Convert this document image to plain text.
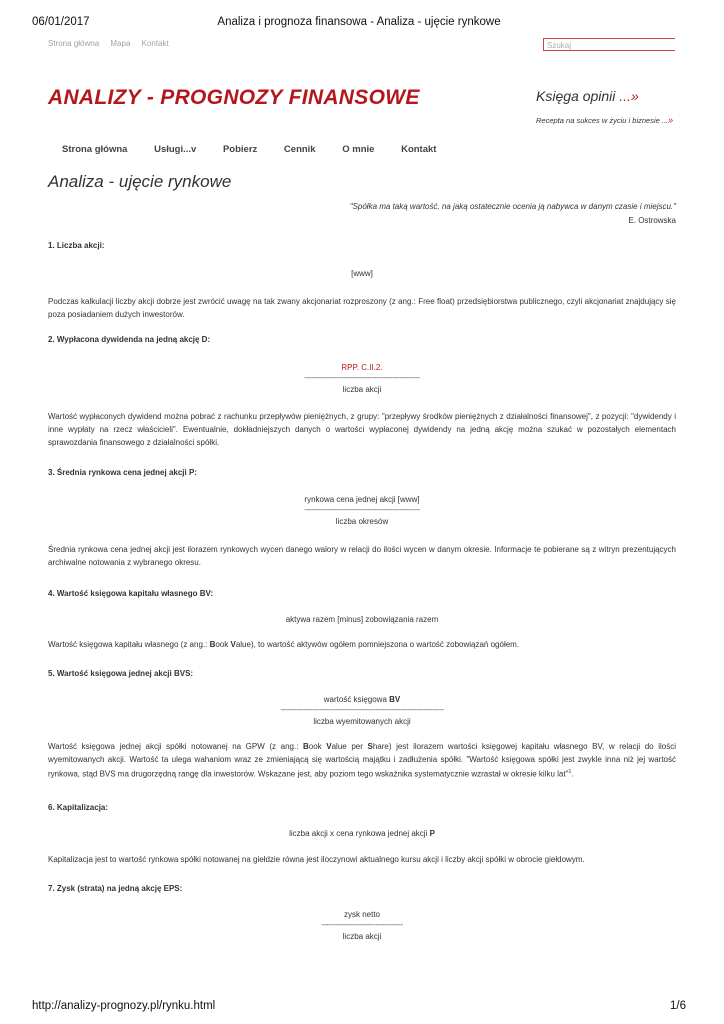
06/01/2017	Analiza i prognoza finansowa - Analiza - ujęcie rynkowe
Strona główna Mapa Kontakt	Szukaj
ANALIZY - PROGNOZY FINANSOWE	Księga opinii ...»
Recepta na sukces w życiu i biznesie ...»
Strona główna	Usługi...v	Pobierz	Cennik	O mnie	Kontakt
Analiza - ujęcie rynkowe
"Spółka ma taką wartość, na jaką ostatecznie ocenia ją nabywca w danym czasie i miejscu."
E. Ostrowska
1. Liczba akcji:
[www]
Podczas kalkulacji liczby akcji dobrze jest zwrócić uwagę na tak zwany akcjonariat rozproszony (z ang.: Free float) przedsiębiorstwa publicznego, czyli akcjonariat znajdujący się poza posiadaniem dużych inwestorów.
2. Wypłacona dywidenda na jedną akcję D:
RPP. C.II.2.
---------------------------------------------------
liczba akcji
Wartość wypłaconych dywidend można pobrać z rachunku przepływów pieniężnych, z grupy: "przepływy środków pieniężnych z działalności finansowej", z pozycji: "dywidendy i inne wypłaty na rzecz właścicieli". Ewentualnie, dokładniejszych danych o wartości wypłaconej dywidendy na jedną akcję można szukać w pozostałych elementach sprawozdania finansowego z działalności spółki.
3. Średnia rynkowa cena jednej akcji P:
rynkowa cena jednej akcji [www]
---------------------------------------------------
liczba okresów
Średnia rynkowa cena jednej akcji jest ilorazem rynkowych wycen danego walory w relacji do ilości wycen w danym okresie. Informacje te pobierane są z witryn prezentujących archiwalne notowania z wybranego okresu.
4. Wartość księgowa kapitału własnego BV:
aktywa razem [minus] zobowiązania razem
Wartość księgowa kapitału własnego (z ang.: Book Value), to wartość aktywów ogółem pomniejszona o wartość zobowiązań ogółem.
5. Wartość księgowa jednej akcji BVS:
wartość księgowa BV
------------------------------------------------------------------------
liczba wyemitowanych akcji
Wartość księgowa jednej akcji spółki notowanej na GPW (z ang.: Book Value per Share) jest ilorazem wartości księgowej kapitału własnego BV, w relacji do ilości wyemitowanych akcji. Wartość ta ulega wahaniom wraz ze zmieniającą się wartością majątku i zadłużenia spółki. "Wartość księgowa spółki jest zwykle inna niż jej wartość rynkowa, stąd BVS ma drugorzędną rangę dla inwestorów. Wskazane jest, aby poziom tego wskaźnika systematycznie wzrastał w okresie kilku lat"$^1$.
6. Kapitalizacja:
liczba akcji x cena rynkowa jednej akcji P
Kapitalizacja jest to wartość rynkowa spółki notowanej na giełdzie równa jest iloczynowi aktualnego kursu akcji i liczby akcji spółki w obrocie giełdowym.
7. Zysk (strata) na jedną akcję EPS:
zysk netto
------------------------------------
liczba akcji
http://analizy-prognozy.pl/rynku.html	1/6
